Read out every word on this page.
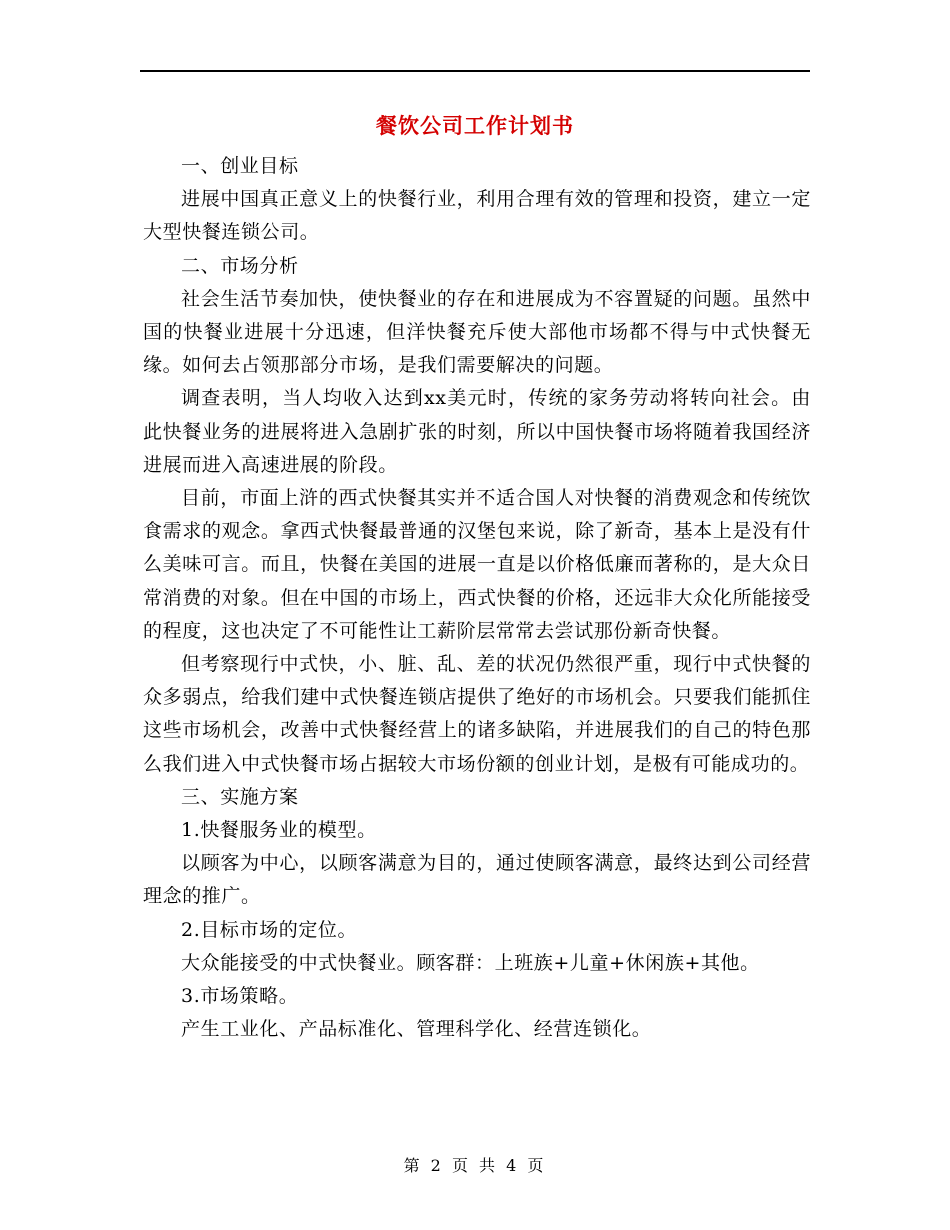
餐饮公司工作计划书

一、创业目标

进展中国真正意义上的快餐行业，利用合理有效的管理和投资，建立一定大型快餐连锁公司。

二、市场分析

社会生活节奏加快，使快餐业的存在和进展成为不容置疑的问题。虽然中国的快餐业进展十分迅速，但洋快餐充斥使大部他市场都不得与中式快餐无缘。如何去占领那部分市场，是我们需要解决的问题。

调查表明，当人均收入达到xx美元时，传统的家务劳动将转向社会。由此快餐业务的进展将进入急剧扩张的时刻，所以中国快餐市场将随着我国经济进展而进入高速进展的阶段。

目前，市面上浒的西式快餐其实并不适合国人对快餐的消费观念和传统饮食需求的观念。拿西式快餐最普通的汉堡包来说，除了新奇，基本上是没有什么美味可言。而且，快餐在美国的进展一直是以价格低廉而著称的，是大众日常消费的对象。但在中国的市场上，西式快餐的价格，还远非大众化所能接受的程度，这也决定了不可能性让工薪阶层常常去尝试那份新奇快餐。

但考察现行中式快，小、脏、乱、差的状况仍然很严重，现行中式快餐的众多弱点，给我们建中式快餐连锁店提供了绝好的市场机会。只要我们能抓住这些市场机会，改善中式快餐经营上的诸多缺陷，并进展我们的自己的特色那么我们进入中式快餐市场占据较大市场份额的创业计划，是极有可能成功的。

三、实施方案

1.快餐服务业的模型。

以顾客为中心，以顾客满意为目的，通过使顾客满意，最终达到公司经营理念的推广。

2.目标市场的定位。

大众能接受的中式快餐业。顾客群：上班族+儿童+休闲族+其他。

3.市场策略。

产生工业化、产品标准化、管理科学化、经营连锁化。

第 2 页 共 4 页
